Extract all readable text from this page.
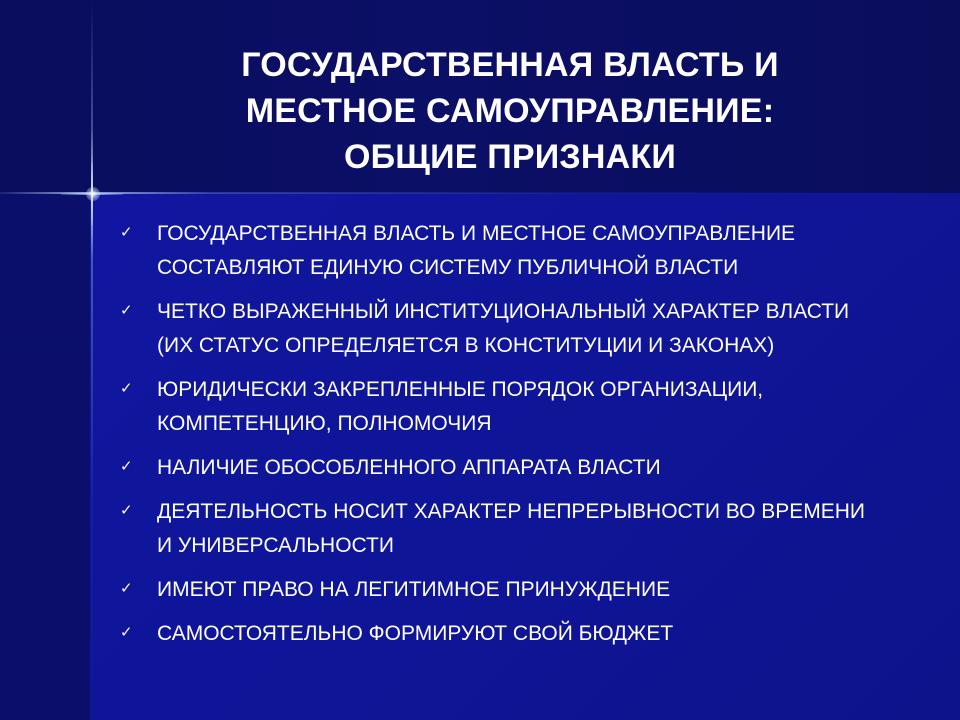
ГОСУДАРСТВЕННАЯ ВЛАСТЬ И
МЕСТНОЕ САМОУПРАВЛЕНИЕ:
ОБЩИЕ ПРИЗНАКИ
✓ ГОСУДАРСТВЕННАЯ ВЛАСТЬ И МЕСТНОЕ САМОУПРАВЛЕНИЕ
СОСТАВЛЯЮТ ЕДИНУЮ СИСТЕМУ ПУБЛИЧНОЙ ВЛАСТИ
✓ ЧЕТКО ВЫРАЖЕННЫЙ ИНСТИТУЦИОНАЛЬНЫЙ ХАРАКТЕР ВЛАСТИ
(ИХ СТАТУС ОПРЕДЕЛЯЕТСЯ В КОНСТИТУЦИИ И ЗАКОНАХ)
✓ ЮРИДИЧЕСКИ ЗАКРЕПЛЕННЫЕ ПОРЯДОК ОРГАНИЗАЦИИ,
КОМПЕТЕНЦИЮ, ПОЛНОМОЧИЯ
✓ НАЛИЧИЕ ОБОСОБЛЕННОГО АППАРАТА ВЛАСТИ
✓ ДЕЯТЕЛЬНОСТЬ НОСИТ ХАРАКТЕР НЕПРЕРЫВНОСТИ ВО ВРЕМЕНИ
И УНИВЕРСАЛЬНОСТИ
✓ ИМЕЮТ ПРАВО НА ЛЕГИТИМНОЕ ПРИНУЖДЕНИЕ
✓ САМОСТОЯТЕЛЬНО ФОРМИРУЮТ СВОЙ БЮДЖЕТ
